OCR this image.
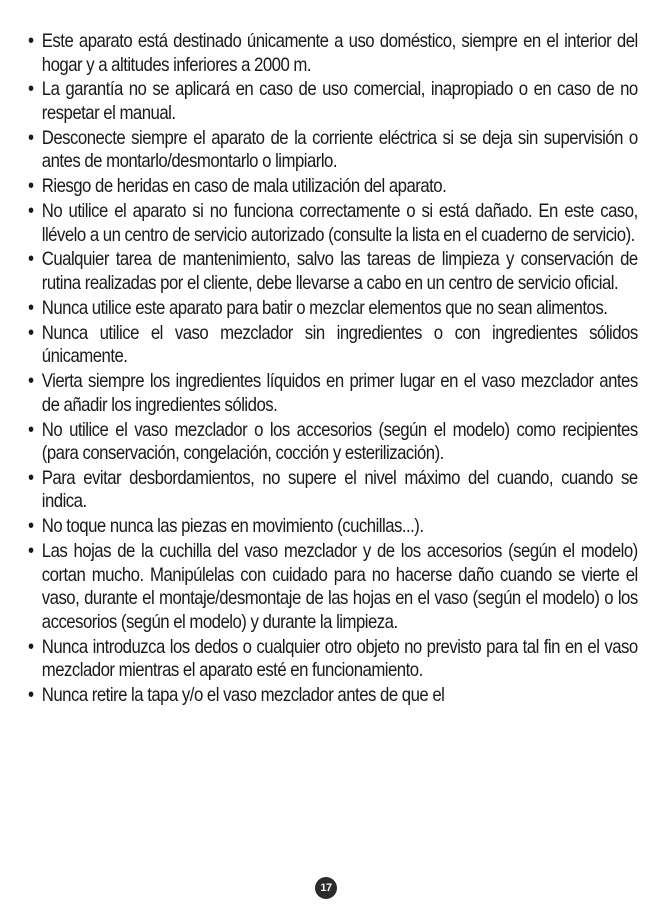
• Este aparato está destinado únicamente a uso doméstico, siempre en el interior del hogar y a altitudes inferiores a 2000 m.
• La garantía no se aplicará en caso de uso comercial, inapropiado o en caso de no respetar el manual.
• Desconecte siempre el aparato de la corriente eléctrica si se deja sin supervisión o antes de montarlo/desmontarlo o limpiarlo.
• Riesgo de heridas en caso de mala utilización del aparato.
• No utilice el aparato si no funciona correctamente o si está dañado. En este caso, llévelo a un centro de servicio autorizado (consulte la lista en el cuaderno de servicio).
• Cualquier tarea de mantenimiento, salvo las tareas de limpieza y conservación de rutina realizadas por el cliente, debe llevarse a cabo en un centro de servicio oficial.
• Nunca utilice este aparato para batir o mezclar elementos que no sean alimentos.
• Nunca utilice el vaso mezclador sin ingredientes o con ingredientes sólidos únicamente.
• Vierta siempre los ingredientes líquidos en primer lugar en el vaso mezclador antes de añadir los ingredientes sólidos.
• No utilice el vaso mezclador o los accesorios (según el modelo) como recipientes (para conservación, congelación, cocción y esterilización).
• Para evitar desbordamientos, no supere el nivel máximo del cuando, cuando se indica.
• No toque nunca las piezas en movimiento (cuchillas...).
• Las hojas de la cuchilla del vaso mezclador y de los accesorios (según el modelo) cortan mucho. Manipúlelas con cuidado para no hacerse daño cuando se vierte el vaso, durante el montaje/desmontaje de las hojas en el vaso (según el modelo) o los accesorios (según el modelo) y durante la limpieza.
• Nunca introduzca los dedos o cualquier otro objeto no previsto para tal fin en el vaso mezclador mientras el aparato esté en funcionamiento.
• Nunca retire la tapa y/o el vaso mezclador antes de que el
17
